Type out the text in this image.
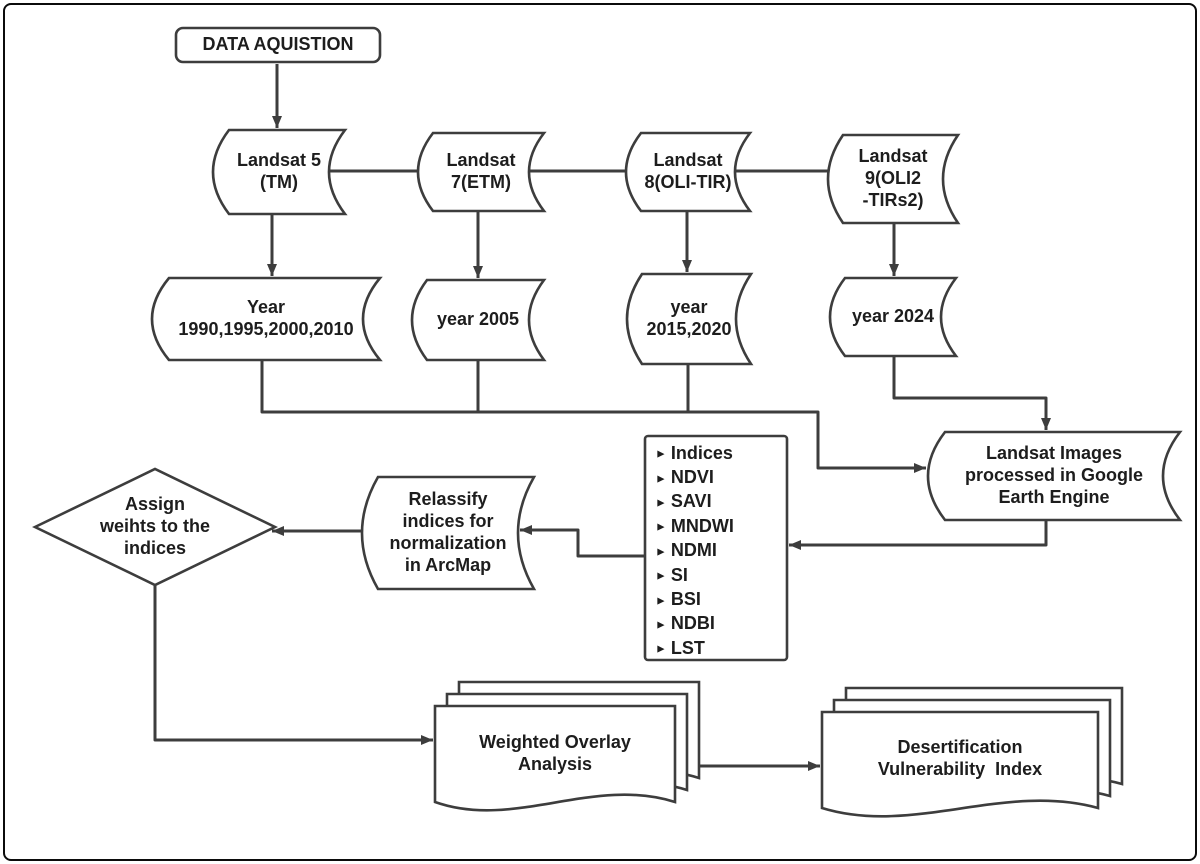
DATA AQUISTION
Landsat 5
(TM)
Landsat
7(ETM)
Landsat
8(OLI-TIR)
Landsat
9(OLI2
-TIRs2)
Year
1990,1995,2000,2010	year 2005
year
2015,2020
year 2024
Landsat Images
processed in Google
Earth Engine
Relassify
indices for
normalization
in ArcMap
Assign
weihts to the
indices
Weighted Overlay
Analysis
Desertification
Vulnerability  Index
► Indices
► NDVI
► SAVI
► MNDWI
► NDMI
► SI
► BSI
► NDBI
► LST
